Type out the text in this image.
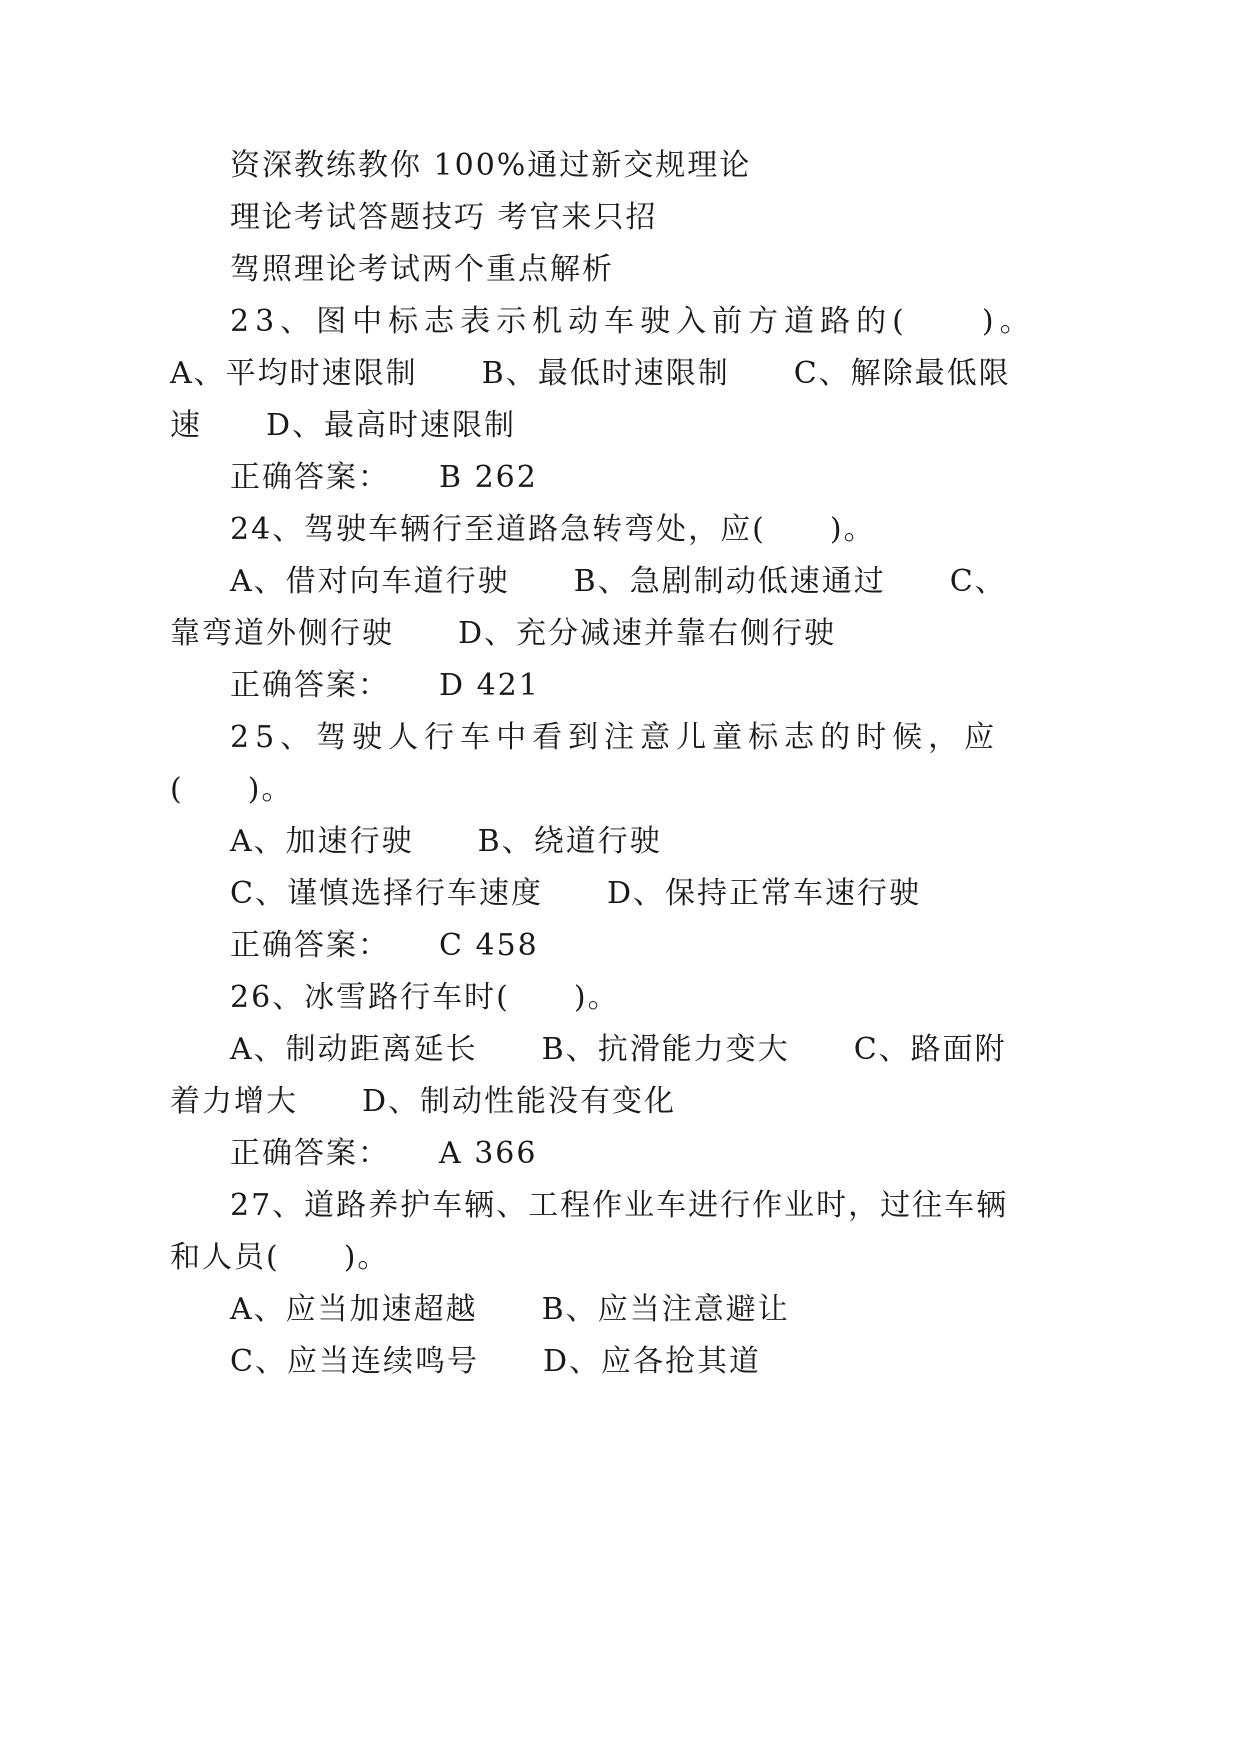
资深教练教你 100%通过新交规理论
理论考试答题技巧 考官来只招
驾照理论考试两个重点解析
23、图中标志表示机动车驶入前方道路的(　　)。
A、平均时速限制　　B、最低时速限制　　C、解除最低限
速　　D、最高时速限制
正确答案：　　B 262
24、驾驶车辆行至道路急转弯处，应(　　)。
A、借对向车道行驶　　B、急剧制动低速通过　　C、
靠弯道外侧行驶　　D、充分减速并靠右侧行驶
正确答案：　　D 421
25、驾驶人行车中看到注意儿童标志的时候，应
(　　)。
A、加速行驶　　B、绕道行驶
C、谨慎选择行车速度　　D、保持正常车速行驶
正确答案：　　C 458
26、冰雪路行车时(　　)。
A、制动距离延长　　B、抗滑能力变大　　C、路面附
着力增大　　D、制动性能没有变化
正确答案：　　A 366
27、道路养护车辆、工程作业车进行作业时，过往车辆
和人员(　　)。
A、应当加速超越　　B、应当注意避让
C、应当连续鸣号　　D、应各抢其道
